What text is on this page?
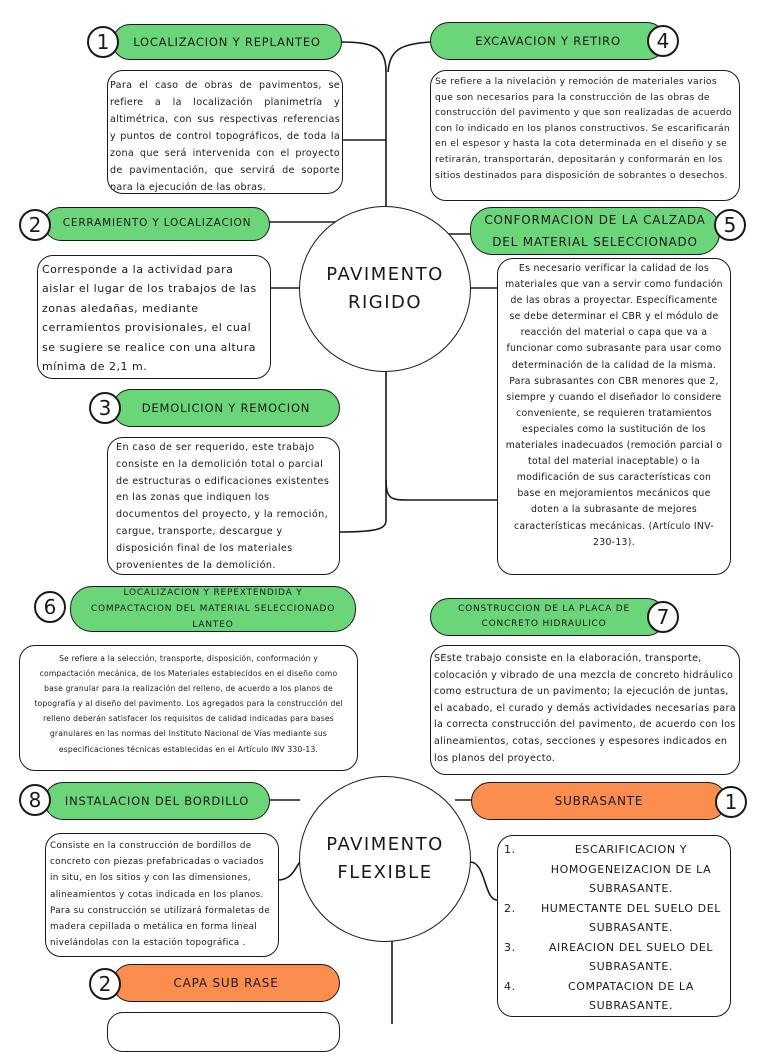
PAVIMENTO
RIGIDO
LOCALIZACION Y REPLANTEO
1

Para el caso de obras de pavimentos, se refiere a la localización planimetría y altimétrica, con sus respectivas referencias y puntos de control topográficos, de toda la zona que será intervenida con el proyecto de pavimentación, que servirá de soporte para la ejecución de las obras.

EXCAVACION Y RETIRO	4

Se refiere a la nivelación y remoción de materiales varios que son necesarios para la construcción de las obras de construcción del pavimento y que son realizadas de acuerdo con lo indicado en los planos constructivos. Se escarificarán en el espesor y hasta la cota determinada en el diseño y se retirarán, transportarán, depositarán y conformarán en los sitios destinados para disposición de sobrantes o desechos.

CERRAMIENTO Y LOCALIZACION
2

Corresponde a la actividad para aislar el lugar de los trabajos de las zonas aledañas, mediante cerramientos provisionales, el cual se sugiere se realice con una altura mínima de 2,1 m.

CONFORMACION DE LA CALZADA DEL MATERIAL SELECCIONADO
5

Es necesario verificar la calidad de los materiales que van a servir como fundación de las obras a proyectar. Específicamente se debe determinar el CBR y el módulo de reacción del material o capa que va a funcionar como subrasante para usar como determinación de la calidad de la misma. Para subrasantes con CBR menores que 2, siempre y cuando el diseñador lo considere conveniente, se requieren tratamientos especiales como la sustitución de los materiales inadecuados (remoción parcial o total del material inaceptable) o la modificación de sus características con base en mejoramientos mecánicos que doten a la subrasante de mejores características mecánicas. (Artículo INV-230-13).

DEMOLICION Y REMOCION
3

En caso de ser requerido, este trabajo consiste en la demolición total o parcial de estructuras o edificaciones existentes en las zonas que indiquen los documentos del proyecto, y la remoción, cargue, transporte, descargue y disposición final de los materiales provenientes de la demolición.

LOCALIZACION Y REPEXTENDIDA Y COMPACTACION DEL MATERIAL SELECCIONADO LANTEO
6

Se refiere a la selección, transporte, disposición, conformación y compactación mecánica, de los Materiales establecidos en el diseño como base granular para la realización del relleno, de acuerdo a los planos de topografía y al diseño del pavimento. Los agregados para la construcción del relleno deberán satisfacer los requisitos de calidad indicadas para bases granulares en las normas del Instituto Nacional de Vías mediante sus especificaciones técnicas establecidas en el Artículo INV 330-13.

CONSTRUCCION DE LA PLACA DE CONCRETO HIDRAULICO	7

SEste trabajo consiste en la elaboración, transporte, colocación y vibrado de una mezcla de concreto hidráulico como estructura de un pavimento; la ejecución de juntas, el acabado, el curado y demás actividades necesarias para la correcta construcción del pavimento, de acuerdo con los alineamientos, cotas, secciones y espesores indicados en los planos del proyecto.

INSTALACION DEL BORDILLO
8

Consiste en la construcción de bordillos de concreto con piezas prefabricadas o vaciados in situ, en los sitios y con las dimensiones, alineamientos y cotas indicada en los planos. Para su construcción se utilizará formaletas de madera cepillada o metálica en forma lineal nivelándolas con la estación topográfica .

PAVIMENTO
FLEXIBLE
SUBRASANTE	1
1.	ESCARIFICACION Y HOMOGENEIZACION DE LA SUBRASANTE.
2.	HUMECTANTE DEL SUELO DEL SUBRASANTE.
3.	AIREACION DEL SUELO DEL SUBRASANTE.
4.	COMPATACION DE LA SUBRASANTE.
CAPA SUB RASE
2
